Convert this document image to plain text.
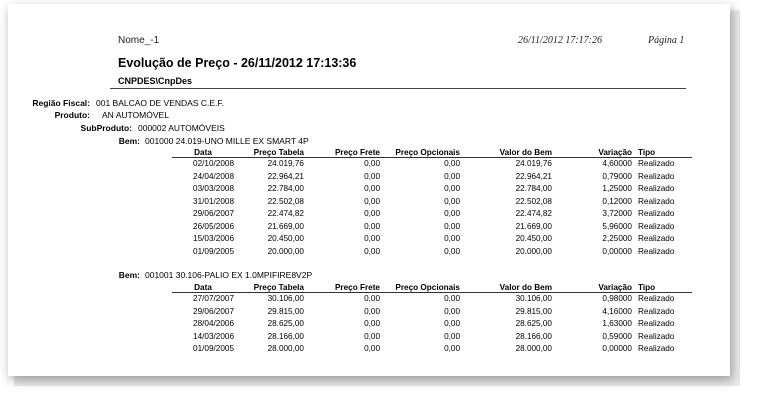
Nome_-1	26/11/2012 17:17:26	Página 1
Evolução de Preço - 26/11/2012 17:13:36
CNPDES\CnpDes
Região Fiscal: 001 BALCAO DE VENDAS C.E.F.
Produto: AN AUTOMÓVEL
SubProduto: 000002 AUTOMÓVEIS
Bem: 001000 24.019-UNO MILLE EX SMART 4P
Data	Preço Tabela	Preço Frete	Preço Opcionais	Valor do Bem	Variação	Tipo
02/10/2008	24.019,76	0,00	0,00	24.019,76	4,60000	Realizado
24/04/2008	22.964,21	0,00	0,00	22.964,21	0,79000	Realizado
03/03/2008	22.784,00	0,00	0,00	22.784,00	1,25000	Realizado
31/01/2008	22.502,08	0,00	0,00	22.502,08	0,12000	Realizado
29/06/2007	22.474,82	0,00	0,00	22.474,82	3,72000	Realizado
26/05/2006	21.669,00	0,00	0,00	21.669,00	5,96000	Realizado
15/03/2006	20.450,00	0,00	0,00	20.450,00	2,25000	Realizado
01/09/2005	20.000,00	0,00	0,00	20.000,00	0,00000	Realizado
Bem: 001001 30.106-PALIO EX 1.0MPIFIRE8V2P
Data	Preço Tabela	Preço Frete	Preço Opcionais	Valor do Bem	Variação	Tipo
27/07/2007	30.106,00	0,00	0,00	30.106,00	0,98000	Realizado
29/06/2007	29.815,00	0,00	0,00	29.815,00	4,16000	Realizado
28/04/2006	28.625,00	0,00	0,00	28.625,00	1,63000	Realizado
14/03/2006	28.166,00	0,00	0,00	28.166,00	0,59000	Realizado
01/09/2005	28.000,00	0,00	0,00	28.000,00	0,00000	Realizado
